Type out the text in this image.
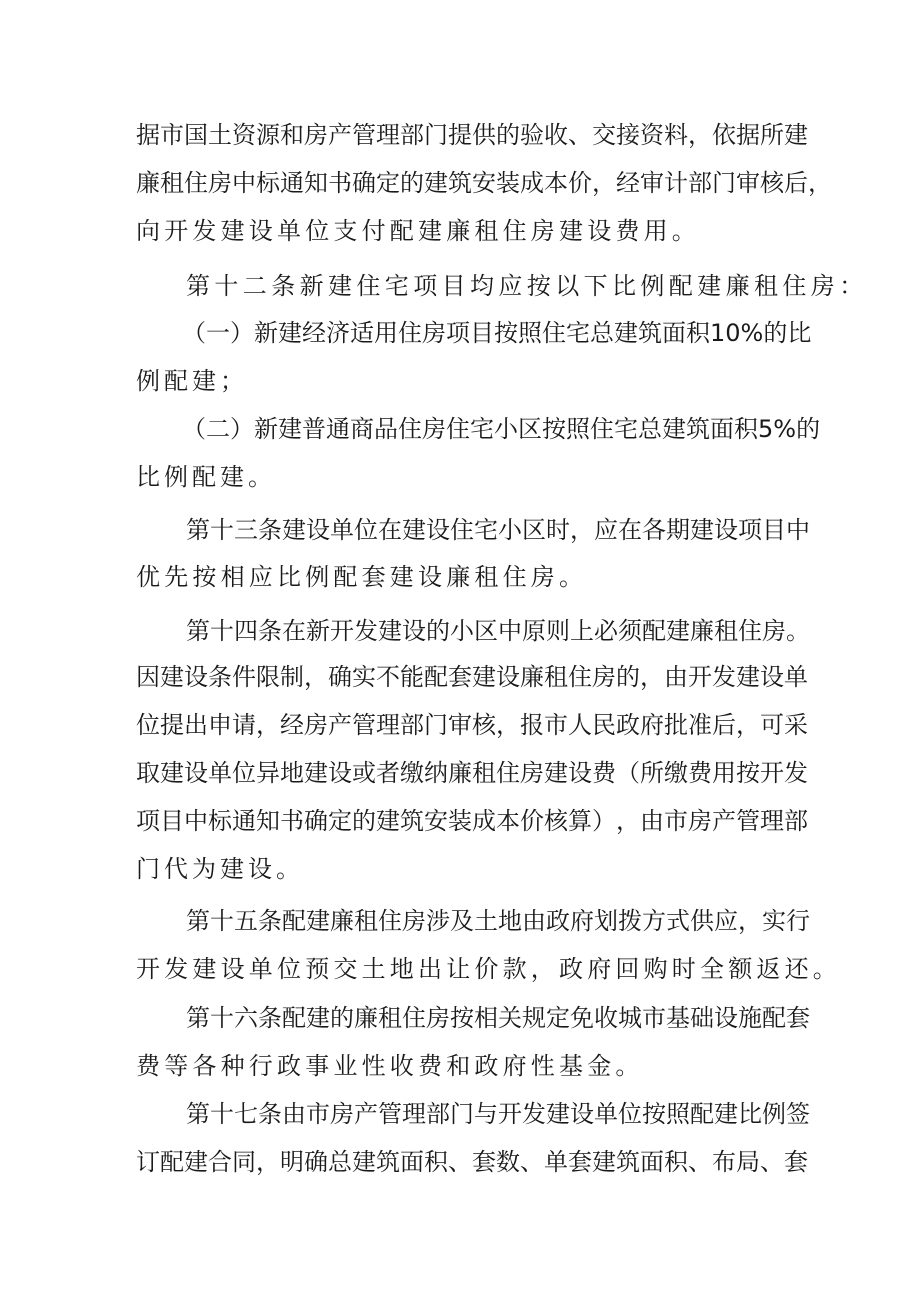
据 市 国 土 资 源 和 房 产 管 理 部 门 提 供 的 验 收 、 交 接 资 料 ， 依 据 所 建
廉 租 住 房 中 标 通 知 书 确 定 的 建 筑 安 装 成 本 价 ， 经 审 计 部 门 审 核 后 ，
向开发建设单位支付配建廉租住房建设费用。
第十二条新建住宅项目均应按以下比例配建廉租住房：
（ 一 ） 新 建 经 济 适 用 住 房 项 目 按 照 住 宅 总 建 筑 面 积 10% 的 比
例配建；
（ 二 ） 新 建 普 通 商 品 住 房 住 宅 小 区 按 照 住 宅 总 建 筑 面 积 5% 的
比例配建。
第 十 三 条 建 设 单 位 在 建 设 住 宅 小 区 时 ， 应 在 各 期 建 设 项 目 中
优先按相应比例配套建设廉租住房。
第 十 四 条 在 新 开 发 建 设 的 小 区 中 原 则 上 必 须 配 建 廉 租 住 房 。
因 建 设 条 件 限 制 ， 确 实 不 能 配 套 建 设 廉 租 住 房 的 ， 由 开 发 建 设 单
位 提 出 申 请 ， 经 房 产 管 理 部 门 审 核 ， 报 市 人 民 政 府 批 准 后 ， 可 采
取 建 设 单 位 异 地 建 设 或 者 缴 纳 廉 租 住 房 建 设 费 （ 所 缴 费 用 按 开 发
项 目 中 标 通 知 书 确 定 的 建 筑 安 装 成 本 价 核 算 ） ， 由 市 房 产 管 理 部
门代为建设。
第 十 五 条 配 建 廉 租 住 房 涉 及 土 地 由 政 府 划 拨 方 式 供 应 ， 实 行
开发建设单位预交土地出让价款，政府回购时全额返还。
第 十 六 条 配 建 的 廉 租 住 房 按 相 关 规 定 免 收 城 市 基 础 设 施 配 套
费等各种行政事业性收费和政府性基金。
第 十 七 条 由 市 房 产 管 理 部 门 与 开 发 建 设 单 位 按 照 配 建 比 例 签
订 配 建 合 同 ， 明 确 总 建 筑 面 积 、 套 数 、 单 套 建 筑 面 积 、 布 局 、 套
